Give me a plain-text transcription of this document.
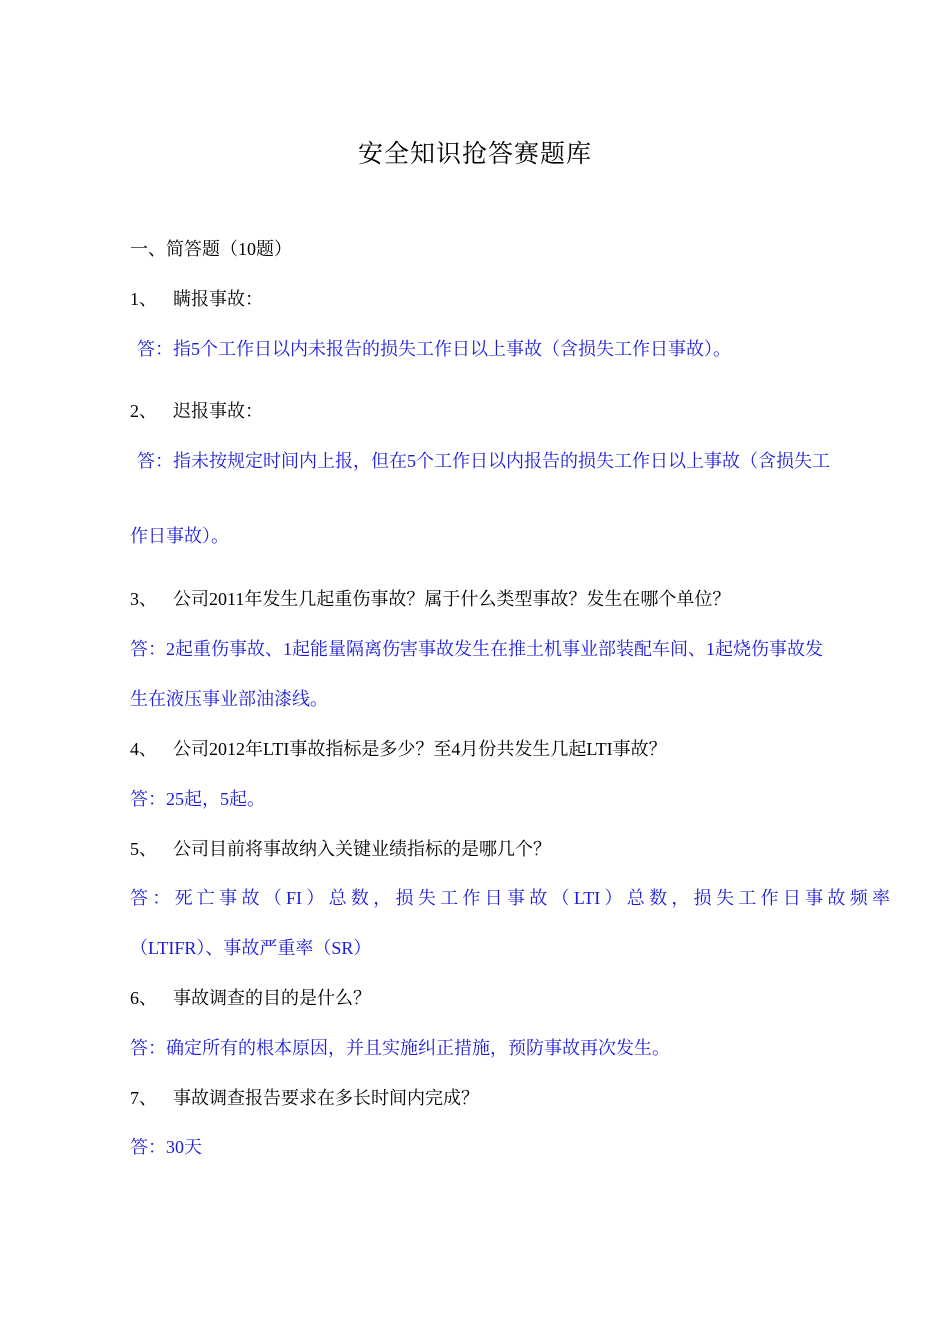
安全知识抢答赛题库
一、简答题（10题）
1、 瞒报事故：
答：指5个工作日以内未报告的损失工作日以上事故（含损失工作日事故）。
2、 迟报事故：
答：指未按规定时间内上报，但在5个工作日以内报告的损失工作日以上事故（含损失工
作日事故）。
3、 公司2011年发生几起重伤事故？属于什么类型事故？发生在哪个单位？
答：2起重伤事故、1起能量隔离伤害事故发生在推土机事业部装配车间、1起烧伤事故发
生在液压事业部油漆线。
4、 公司2012年LTI事故指标是多少？至4月份共发生几起LTI事故？
答：25起，5起。
5、 公司目前将事故纳入关键业绩指标的是哪几个？
答：死亡事故（FI）总数，损失工作日事故（LTI）总数，损失工作日事故频率
（LTIFR）、事故严重率（SR）
6、 事故调查的目的是什么？
答：确定所有的根本原因，并且实施纠正措施，预防事故再次发生。
7、 事故调查报告要求在多长时间内完成？
答：30天
